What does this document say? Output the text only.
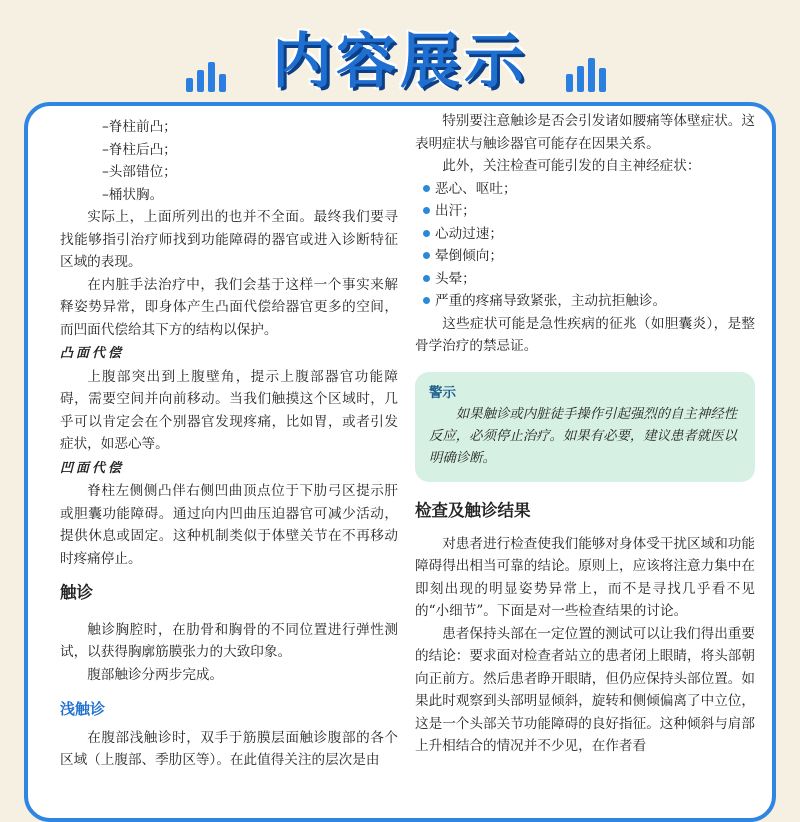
内容展示

–脊柱前凸；

–脊柱后凸；

–头部错位；

–桶状胸。

实际上，上面所列出的也并不全面。最终我们要寻找能够指引治疗师找到功能障碍的器官或进入诊断特征区域的表现。

在内脏手法治疗中，我们会基于这样一个事实来解释姿势异常，即身体产生凸面代偿给器官更多的空间，而凹面代偿给其下方的结构以保护。

凸面代偿

上腹部突出到上腹壁角，提示上腹部器官功能障碍，需要空间并向前移动。当我们触摸这个区域时，几乎可以肯定会在个别器官发现疼痛，比如胃，或者引发症状，如恶心等。

凹面代偿

脊柱左侧侧凸伴右侧凹曲顶点位于下肋弓区提示肝或胆囊功能障碍。通过向内凹曲压迫器官可减少活动，提供休息或固定。这种机制类似于体壁关节在不再移动时疼痛停止。

触诊

触诊胸腔时，在肋骨和胸骨的不同位置进行弹性测试，以获得胸廓筋膜张力的大致印象。

腹部触诊分两步完成。

浅触诊

在腹部浅触诊时，双手于筋膜层面触诊腹部的各个区域（上腹部、季肋区等）。在此值得关注的层次是由

特别要注意触诊是否会引发诸如腰痛等体壁症状。这表明症状与触诊器官可能存在因果关系。

此外，关注检查可能引发的自主神经症状：

恶心、呕吐；

出汗；

心动过速；

晕倒倾向；

头晕；

严重的疼痛导致紧张，主动抗拒触诊。

这些症状可能是急性疾病的征兆（如胆囊炎），是整骨学治疗的禁忌证。

警示

如果触诊或内脏徒手操作引起强烈的自主神经性反应，必须停止治疗。如果有必要，建议患者就医以明确诊断。

检查及触诊结果

对患者进行检查使我们能够对身体受干扰区域和功能障碍得出相当可靠的结论。原则上，应该将注意力集中在即刻出现的明显姿势异常上，而不是寻找几乎看不见的“小细节”。下面是对一些检查结果的讨论。

患者保持头部在一定位置的测试可以让我们得出重要的结论：要求面对检查者站立的患者闭上眼睛，将头部朝向正前方。然后患者睁开眼睛，但仍应保持头部位置。如果此时观察到头部明显倾斜，旋转和侧倾偏离了中立位，这是一个头部关节功能障碍的良好指征。这种倾斜与肩部上升相结合的情况并不少见，在作者看
